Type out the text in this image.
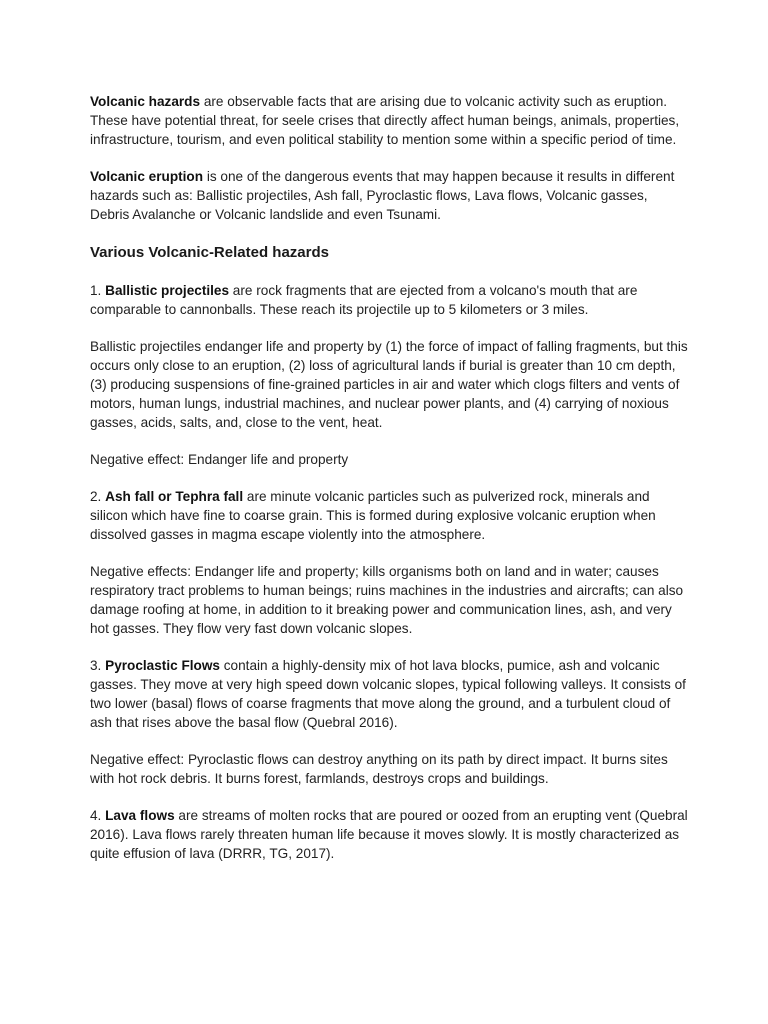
Volcanic hazards are observable facts that are arising due to volcanic activity such as eruption. These have potential threat, for seele crises that directly affect human beings, animals, properties, infrastructure, tourism, and even political stability to mention some within a specific period of time.

Volcanic eruption is one of the dangerous events that may happen because it results in different hazards such as: Ballistic projectiles, Ash fall, Pyroclastic flows, Lava flows, Volcanic gasses, Debris Avalanche or Volcanic landslide and even Tsunami.

Various Volcanic-Related hazards

1. Ballistic projectiles are rock fragments that are ejected from a volcano's mouth that are comparable to cannonballs. These reach its projectile up to 5 kilometers or 3 miles.

Ballistic projectiles endanger life and property by (1) the force of impact of falling fragments, but this occurs only close to an eruption, (2) loss of agricultural lands if burial is greater than 10 cm depth, (3) producing suspensions of fine-grained particles in air and water which clogs filters and vents of motors, human lungs, industrial machines, and nuclear power plants, and (4) carrying of noxious gasses, acids, salts, and, close to the vent, heat.

Negative effect: Endanger life and property

2. Ash fall or Tephra fall are minute volcanic particles such as pulverized rock, minerals and silicon which have fine to coarse grain. This is formed during explosive volcanic eruption when dissolved gasses in magma escape violently into the atmosphere.

Negative effects: Endanger life and property; kills organisms both on land and in water; causes respiratory tract problems to human beings; ruins machines in the industries and aircrafts; can also damage roofing at home, in addition to it breaking power and communication lines, ash, and very hot gasses. They flow very fast down volcanic slopes.

3. Pyroclastic Flows contain a highly-density mix of hot lava blocks, pumice, ash and volcanic gasses. They move at very high speed down volcanic slopes, typical following valleys. It consists of two lower (basal) flows of coarse fragments that move along the ground, and a turbulent cloud of ash that rises above the basal flow (Quebral 2016).

Negative effect: Pyroclastic flows can destroy anything on its path by direct impact. It burns sites with hot rock debris. It burns forest, farmlands, destroys crops and buildings.

4. Lava flows are streams of molten rocks that are poured or oozed from an erupting vent (Quebral 2016). Lava flows rarely threaten human life because it moves slowly. It is mostly characterized as quite effusion of lava (DRRR, TG, 2017).
